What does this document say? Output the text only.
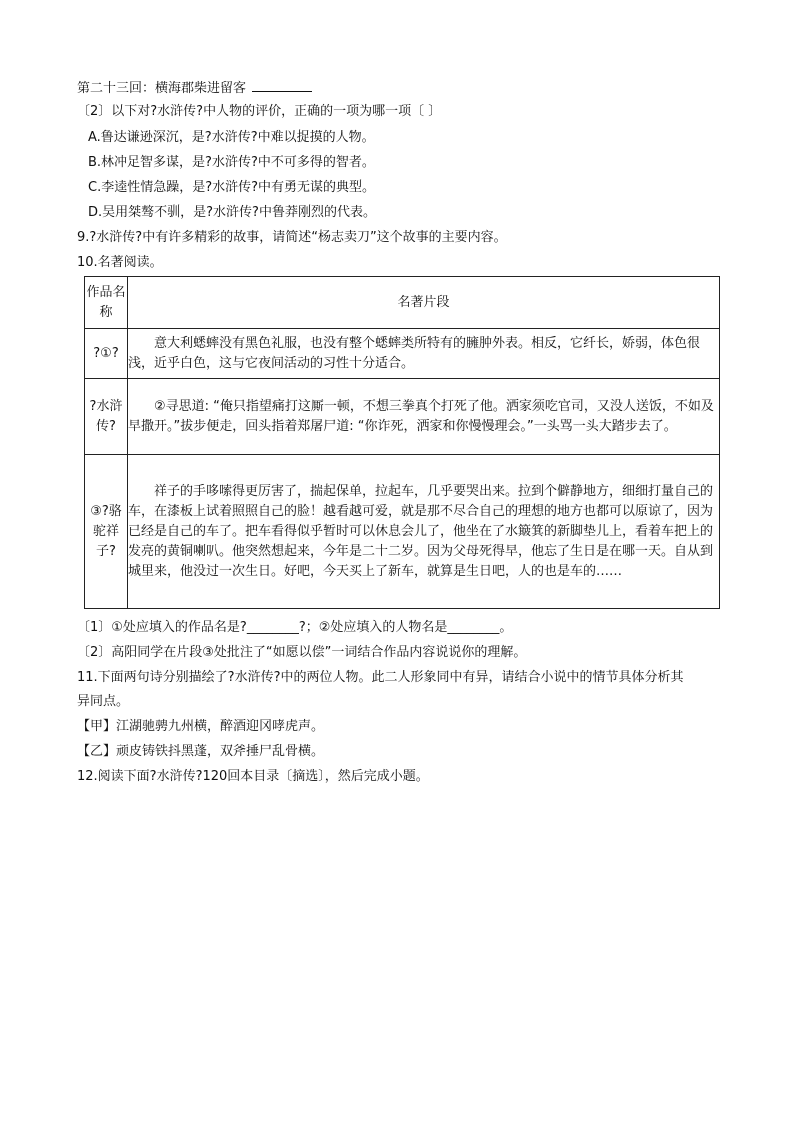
第二十三回：横海郡柴进留客
〔2〕以下对?水浒传?中人物的评价，正确的一项为哪一项〔 〕
A.鲁达谦逊深沉，是?水浒传?中难以捉摸的人物。
B.林冲足智多谋，是?水浒传?中不可多得的智者。
C.李逵性情急躁，是?水浒传?中有勇无谋的典型。
D.吴用桀骜不驯，是?水浒传?中鲁莽刚烈的代表。
9.?水浒传?中有许多精彩的故事，请简述“杨志卖刀”这个故事的主要内容。
10.名著阅读。
作品名称	名著片段
?①?	意大利蟋蟀没有黑色礼服，也没有整个蟋蟀类所特有的臃肿外表。相反，它纤长，娇弱，体色很浅，近乎白色，这与它夜间活动的习性十分适合。
?水浒传?	②寻思道: “俺只指望痛打这厮一顿，不想三拳真个打死了他。洒家须吃官司，又没人送饭，不如及早撒开。”拔步便走，回头指着郑屠尸道: “你诈死，洒家和你慢慢理会。”一头骂一头大踏步去了。
③?骆驼祥子?	祥子的手哆嗦得更厉害了，揣起保单，拉起车，几乎要哭出来。拉到个僻静地方，细细打量自己的车，在漆板上试着照照自己的脸！越看越可爱，就是那不尽合自己的理想的地方也都可以原谅了，因为已经是自己的车了。把车看得似乎暂时可以休息会儿了，他坐在了水簸箕的新脚垫儿上，看着车把上的发亮的黄铜喇叭。他突然想起来，今年是二十二岁。因为父母死得早，他忘了生日是在哪一天。自从到城里来，他没过一次生日。好吧，今天买上了新车，就算是生日吧，人的也是车的……
〔1〕①处应填入的作品名是?________?；②处应填入的人物名是________。
〔2〕高阳同学在片段③处批注了“如愿以偿”一词结合作品内容说说你的理解。
11.下面两句诗分别描绘了?水浒传?中的两位人物。此二人形象同中有异，请结合小说中的情节具体分析其
异同点。
【甲】江湖驰骋九州横，醉酒迎冈哮虎声。
【乙】顽皮铸铁抖黑蓬，双斧捶尸乱骨横。
12.阅读下面?水浒传?120回本目录〔摘选〕，然后完成小题。
